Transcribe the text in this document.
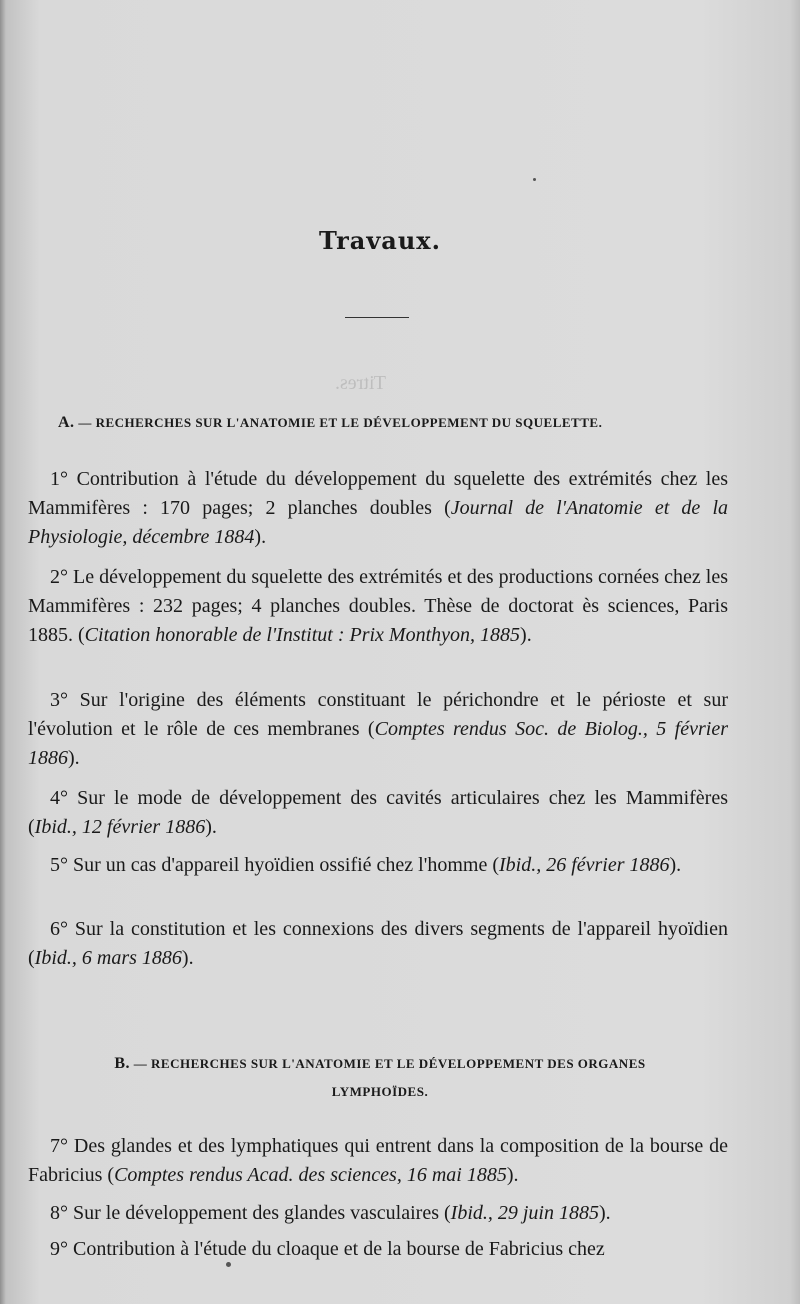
Travaux.
Titres.
A. — RECHERCHES SUR L'ANATOMIE ET LE DÉVELOPPEMENT DU SQUELETTE.
1° Contribution à l'étude du développement du squelette des extrémités chez les Mammifères : 170 pages; 2 planches doubles (Journal de l'Anatomie et de la Physiologie, décembre 1884).
2° Le développement du squelette des extrémités et des productions cornées chez les Mammifères : 232 pages; 4 planches doubles. Thèse de doctorat ès sciences, Paris 1885. (Citation honorable de l'Institut : Prix Monthyon, 1885).
3° Sur l'origine des éléments constituant le périchondre et le périoste et sur l'évolution et le rôle de ces membranes (Comptes rendus Soc. de Biolog., 5 février 1886).
4° Sur le mode de développement des cavités articulaires chez les Mammifères (Ibid., 12 février 1886).
5° Sur un cas d'appareil hyoïdien ossifié chez l'homme (Ibid., 26 février 1886).
6° Sur la constitution et les connexions des divers segments de l'appareil hyoïdien (Ibid., 6 mars 1886).
B. — RECHERCHES SUR L'ANATOMIE ET LE DÉVELOPPEMENT DES ORGANES
LYMPHOÏDES.
7° Des glandes et des lymphatiques qui entrent dans la composition de la bourse de Fabricius (Comptes rendus Acad. des sciences, 16 mai 1885).
8° Sur le développement des glandes vasculaires (Ibid., 29 juin 1885).
9° Contribution à l'étude du cloaque et de la bourse de Fabricius chez
